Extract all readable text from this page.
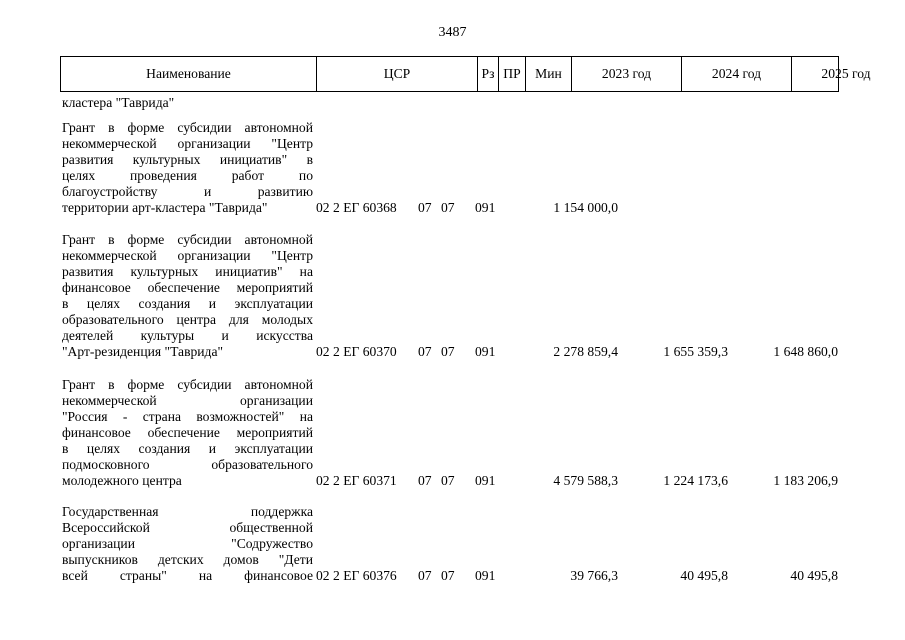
3487
Наименование	ЦСР	Рз ПР	Мин	2023 год	2024 год	2025 год
кластера "Таврида"
Грант в форме субсидии автономной
некоммерческой организации "Центр
развития культурных инициатив" в
целях проведения работ по
благоустройству и развитию
территории арт-кластера "Таврида"	02 2 ЕГ 60368 07 07 091	1 154 000,0
Грант в форме субсидии автономной
некоммерческой организации "Центр
развития культурных инициатив" на
финансовое обеспечение мероприятий
в целях создания и эксплуатации
образовательного центра для молодых
деятелей культуры и искусства
"Арт-резиденция "Таврида"	02 2 ЕГ 60370 07 07 091	2 278 859,4	1 655 359,3	1 648 860,0
Грант в форме субсидии автономной
некоммерческой организации
"Россия - страна возможностей" на
финансовое обеспечение мероприятий
в целях создания и эксплуатации
подмосковного образовательного
молодежного центра	02 2 ЕГ 60371 07 07 091	4 579 588,3	1 224 173,6	1 183 206,9
Государственная поддержка
Всероссийской общественной
организации "Содружество
выпускников детских домов "Дети
всей страны" на финансовое 02 2 ЕГ 60376 07 07 091	39 766,3	40 495,8	40 495,8
